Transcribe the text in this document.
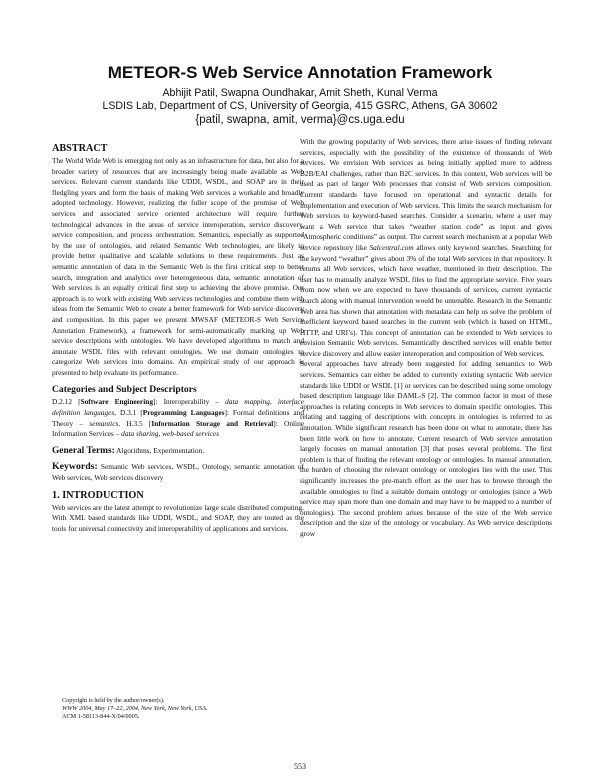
METEOR-S Web Service Annotation Framework
Abhijit Patil, Swapna Oundhakar, Amit Sheth, Kunal Verma
LSDIS Lab, Department of CS, University of Georgia, 415 GSRC, Athens, GA 30602
{patil, swapna, amit, verma}@cs.uga.edu
ABSTRACT

The World Wide Web is emerging not only as an infrastructure for data, but also for a broader variety of resources that are increasingly being made available as Web services. Relevant current standards like UDDI, WSDL, and SOAP are in their fledgling years and form the basis of making Web services a workable and broadly adopted technology. However, realizing the fuller scope of the promise of Web services and associated service oriented architecture will require further technological advances in the areas of service interoperation, service discovery, service composition, and process orchestration. Semantics, especially as supported by the use of ontologies, and related Semantic Web technologies, are likely to provide better qualitative and scalable solutions to these requirements. Just as semantic annotation of data in the Semantic Web is the first critical step to better search, integration and analytics over heterogeneous data, semantic annotation of Web services is an equally critical first step to achieving the above promise. Our approach is to work with existing Web services technologies and combine them with ideas from the Semantic Web to create a better framework for Web service discovery and composition. In this paper we present MWSAF (METEOR-S Web Service Annotation Framework), a framework for semi-automatically marking up Web service descriptions with ontologies. We have developed algorithms to match and annotate WSDL files with relevant ontologies. We use domain ontologies to categorize Web services into domains. An empirical study of our approach is presented to help evaluate its performance.

Categories and Subject Descriptors

D.2.12 [Software Engineering]: Interoperability – data mapping, interface definition languages, D.3.1 [Programming Languages]: Formal definitions and Theory – semantics, H.3.5 [Information Storage and Retrieval]: Online Information Services – data sharing, web-based services

General Terms: Algorithms, Experimentation.

Keywords: Semantic Web services, WSDL, Ontology, semantic annotation of Web services, Web services discovery

1. INTRODUCTION

Web services are the latest attempt to revolutionize large scale distributed computing. With XML based standards like UDDI, WSDL, and SOAP, they are touted as the tools for universal connectivity and interoperability of applications and services.

Copyright is held by the author/owner(s).
WWW 2004, May 17–22, 2004, New York, New York, USA.
ACM 1-58113-844-X/04/0005.

With the growing popularity of Web services, there arise issues of finding relevant services, especially with the possibility of the existence of thousands of Web services. We envision Web services as being initially applied more to address B2B/EAI challenges, rather than B2C services. In this context, Web services will be used as part of larger Web processes that consist of Web services composition. Current standards have focused on operational and syntactic details for implementation and execution of Web services. This limits the search mechanism for Web services to keyword-based searches. Consider a scenario, where a user may want a Web service that takes “weather station code” as input and gives “Atmospheric conditions” as output. The current search mechanism at a popular Web service repository like Salcentral.com allows only keyword searches. Searching for the keyword “weather” gives about 3% of the total Web services in that repository. It returns all Web services, which have weather, mentioned in their description. The user has to manually analyze WSDL files to find the appropriate service. Five years from now when we are expected to have thousands of services, current syntactic search along with manual intervention would be untenable. Research in the Semantic Web area has shown that annotation with metadata can help us solve the problem of inefficient keyword based searches in the current web (which is based on HTML, HTTP, and URI’s). This concept of annotation can be extended to Web services to envision Semantic Web services. Semantically described services will enable better service discovery and allow easier interoperation and composition of Web services.

Several approaches have already been suggested for adding semantics to Web services. Semantics can either be added to currently existing syntactic Web service standards like UDDI or WSDL [1] or services can be described using some ontology based description language like DAML-S [2]. The common factor in most of these approaches is relating concepts in Web services to domain specific ontologies. This relating and tagging of descriptions with concepts in ontologies is referred to as annotation. While significant research has been done on what to annotate, there has been little work on how to annotate. Current research of Web service annotation largely focuses on manual annotation [3] that poses several problems. The first problem is that of finding the relevant ontology or ontologies. In manual annotation, the burden of choosing the relevant ontology or ontologies lies with the user. This significantly increases the pre-match effort as the user has to browse through the available ontologies to find a suitable domain ontology or ontologies (since a Web service may span more than one domain and may have to be mapped to a number of ontologies). The second problem arises because of the size of the Web service description and the size of the ontology or vocabulary. As Web service descriptions grow

553
